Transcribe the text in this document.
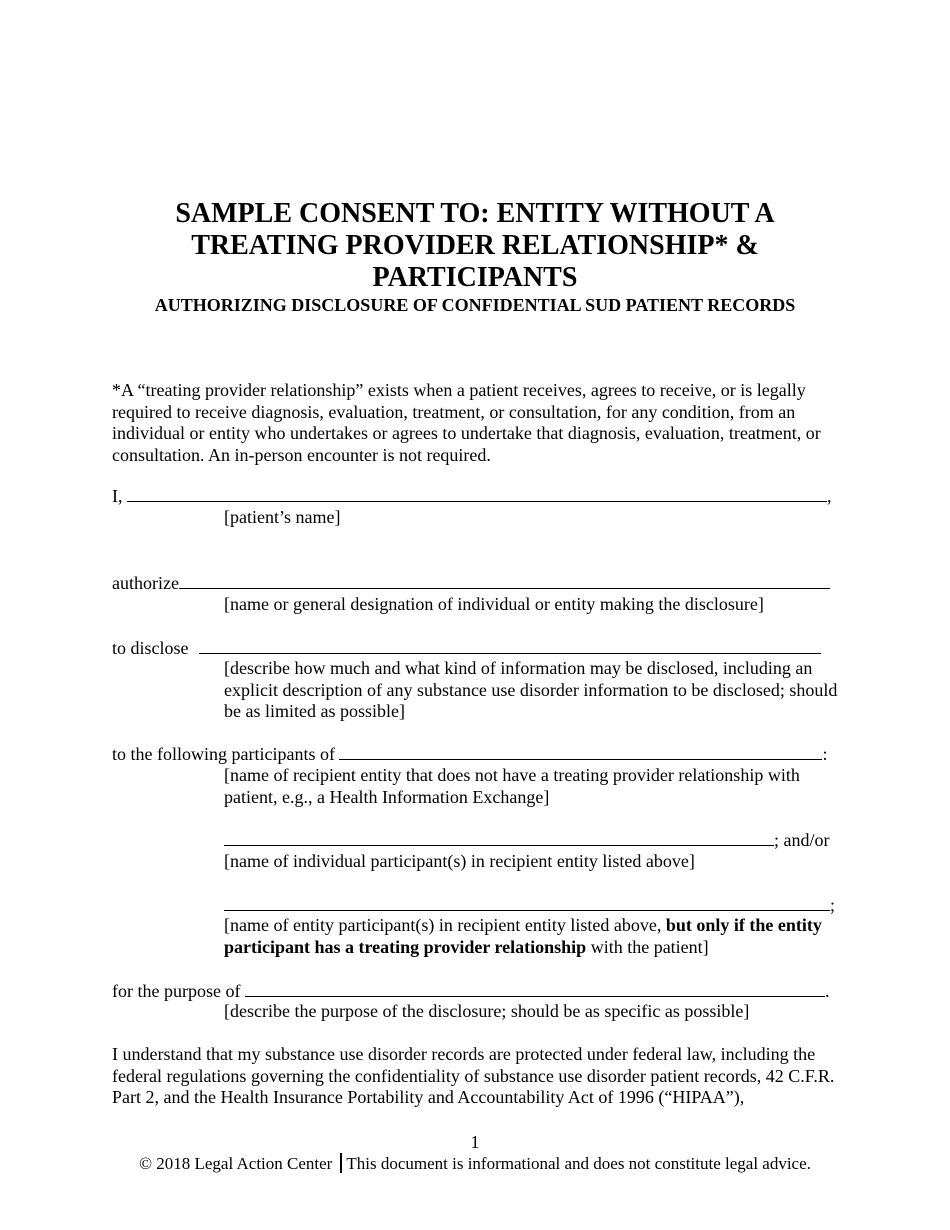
SAMPLE CONSENT TO: ENTITY WITHOUT A
TREATING PROVIDER RELATIONSHIP* &
PARTICIPANTS
AUTHORIZING DISCLOSURE OF CONFIDENTIAL SUD PATIENT RECORDS
*A “treating provider relationship” exists when a patient receives, agrees to receive, or is legally required to receive diagnosis, evaluation, treatment, or consultation, for any condition, from an individual or entity who undertakes or agrees to undertake that diagnosis, evaluation, treatment, or consultation. An in-person encounter is not required.
I,	,
[patient’s name]
authorize
[name or general designation of individual or entity making the disclosure]
to disclose
[describe how much and what kind of information may be disclosed, including an explicit description of any substance use disorder information to be disclosed; should be as limited as possible]
to the following participants of	:
[name of recipient entity that does not have a treating provider relationship with patient, e.g., a Health Information Exchange]
; and/or
[name of individual participant(s) in recipient entity listed above]
;
[name of entity participant(s) in recipient entity listed above, but only if the entity participant has a treating provider relationship with the patient]
for the purpose of	.
[describe the purpose of the disclosure; should be as specific as possible]
I understand that my substance use disorder records are protected under federal law, including the federal regulations governing the confidentiality of substance use disorder patient records, 42 C.F.R. Part 2, and the Health Insurance Portability and Accountability Act of 1996 (“HIPAA”),
1
© 2018 Legal Action Center This document is informational and does not constitute legal advice.
